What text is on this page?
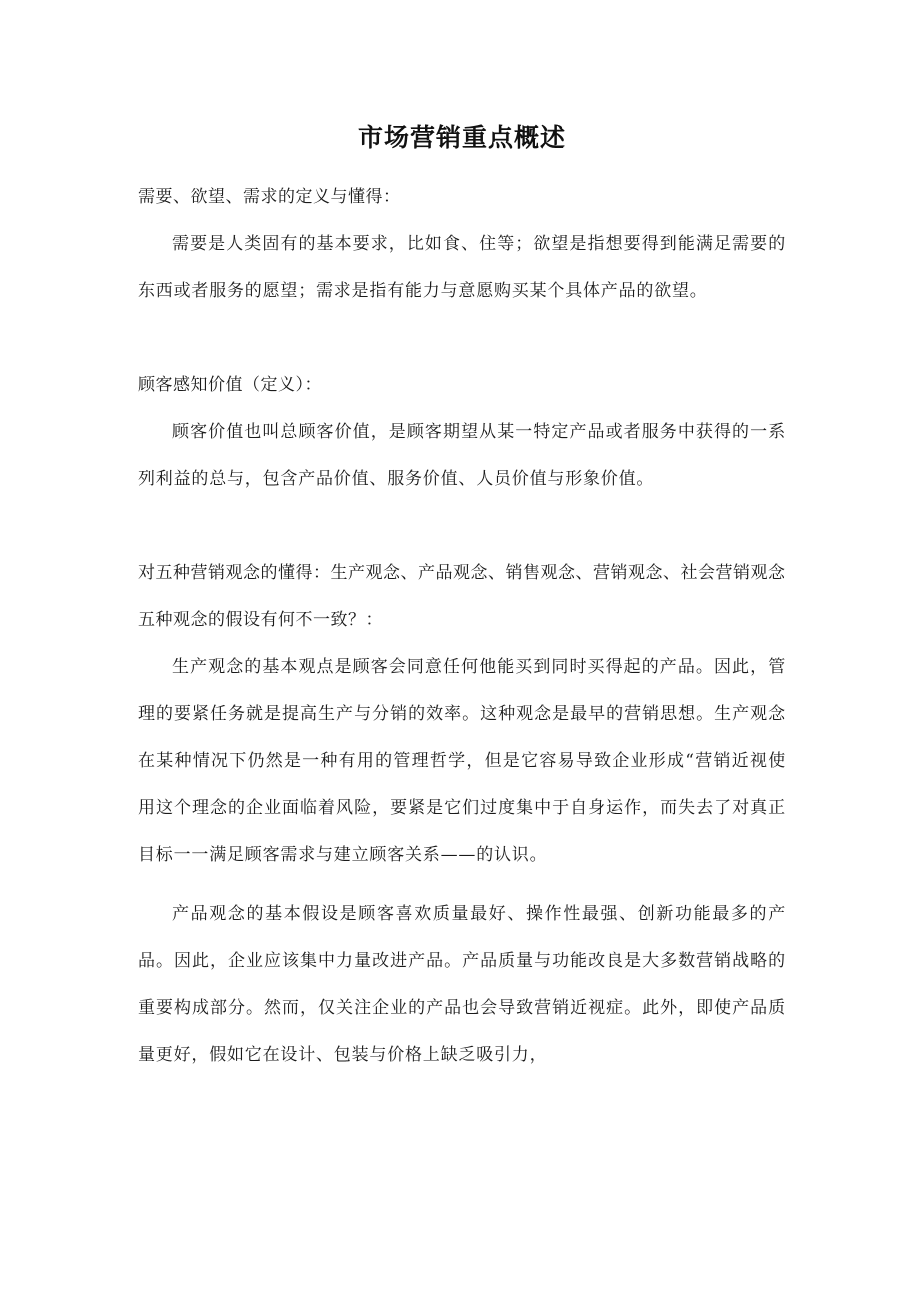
市场营销重点概述

需要、欲望、需求的定义与懂得：

需要是人类固有的基本要求，比如食、住等；欲望是指想要得到能满足需要的东西或者服务的愿望；需求是指有能力与意愿购买某个具体产品的欲望。

顾客感知价值（定义）：

顾客价值也叫总顾客价值，是顾客期望从某一特定产品或者服务中获得的一系列利益的总与，包含产品价值、服务价值、人员价值与形象价值。

对五种营销观念的懂得：生产观念、产品观念、销售观念、营销观念、社会营销观念五种观念的假设有何不一致？：

生产观念的基本观点是顾客会同意任何他能买到同时买得起的产品。因此，管理的要紧任务就是提高生产与分销的效率。这种观念是最早的营销思想。生产观念在某种情况下仍然是一种有用的管理哲学，但是它容易导致企业形成“营销近视使用这个理念的企业面临着风险，要紧是它们过度集中于自身运作，而失去了对真正目标一一满足顾客需求与建立顾客关系——的认识。

产品观念的基本假设是顾客喜欢质量最好、操作性最强、创新功能最多的产品。因此，企业应该集中力量改进产品。产品质量与功能改良是大多数营销战略的重要构成部分。然而，仅关注企业的产品也会导致营销近视症。此外，即使产品质量更好，假如它在设计、包装与价格上缺乏吸引力，
